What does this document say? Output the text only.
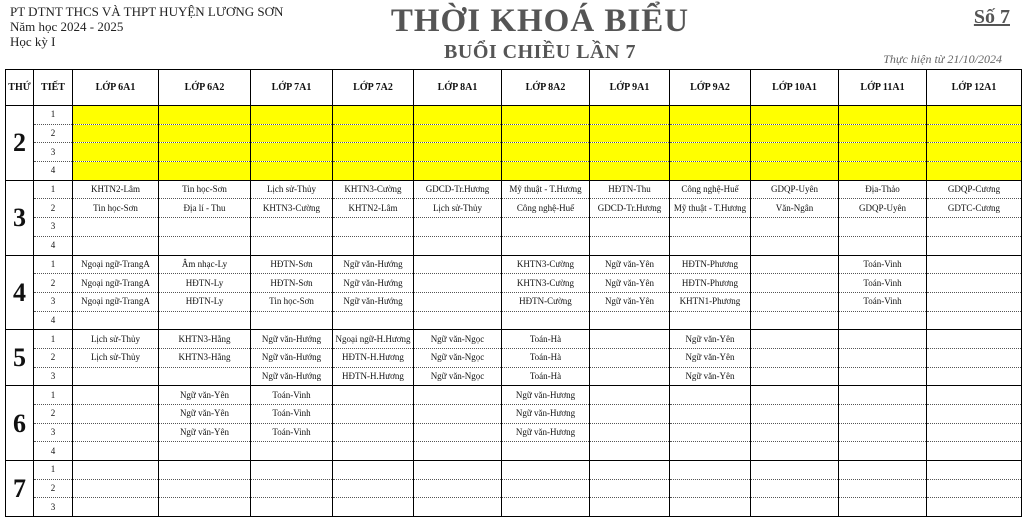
PT DTNT THCS VÀ THPT HUYỆN LƯƠNG SƠN
Năm học 2024 - 2025
Học kỳ I
THỜI KHOÁ BIỂU
BUỔI CHIỀU LẦN 7
Số 7
Thực hiện từ 21/10/2024
THỨ	TIẾT	LỚP 6A1	LỚP 6A2	LỚP 7A1	LỚP 7A2	LỚP 8A1	LỚP 8A2	LỚP 9A1	LỚP 9A2	LỚP 10A1	LỚP 11A1	LỚP 12A1
2	1											
	2											
	3											
	4											
3	1	KHTN2-Lâm	Tin học-Sơn	Lịch sử-Thủy	KHTN3-Cường	GDCD-Tr.Hương	Mỹ thuật - T.Hương	HĐTN-Thu	Công nghệ-Huế	GDQP-Uyên	Địa-Thảo	GDQP-Cương
	2	Tin học-Sơn	Địa lí - Thu	KHTN3-Cường	KHTN2-Lâm	Lịch sử-Thủy	Công nghệ-Huế	GDCD-Tr.Hương	Mỹ thuật - T.Hương	Văn-Ngân	GDQP-Uyên	GDTC-Cương
	3											
	4											
4	1	Ngoại ngữ-TrangA	Âm nhạc-Ly	HĐTN-Sơn	Ngữ văn-Hướng		KHTN3-Cường	Ngữ văn-Yên	HĐTN-Phương		Toán-Vinh	
	2	Ngoại ngữ-TrangA	HĐTN-Ly	HĐTN-Sơn	Ngữ văn-Hướng		KHTN3-Cường	Ngữ văn-Yên	HĐTN-Phương		Toán-Vinh	
	3	Ngoại ngữ-TrangA	HĐTN-Ly	Tin học-Sơn	Ngữ văn-Hướng		HĐTN-Cường	Ngữ văn-Yên	KHTN1-Phương		Toán-Vinh	
	4											
5	1	Lịch sử-Thủy	KHTN3-Hằng	Ngữ văn-Hướng	Ngoại ngữ-H.Hương	Ngữ văn-Ngọc	Toán-Hà		Ngữ văn-Yên			
	2	Lịch sử-Thủy	KHTN3-Hằng	Ngữ văn-Hướng	HĐTN-H.Hương	Ngữ văn-Ngọc	Toán-Hà		Ngữ văn-Yên			
	3			Ngữ văn-Hướng	HĐTN-H.Hương	Ngữ văn-Ngọc	Toán-Hà		Ngữ văn-Yên			
6	1		Ngữ văn-Yên	Toán-Vinh			Ngữ văn-Hương					
	2		Ngữ văn-Yên	Toán-Vinh			Ngữ văn-Hương					
	3		Ngữ văn-Yên	Toán-Vinh			Ngữ văn-Hương					
	4											
7	1											
	2											
	3											
